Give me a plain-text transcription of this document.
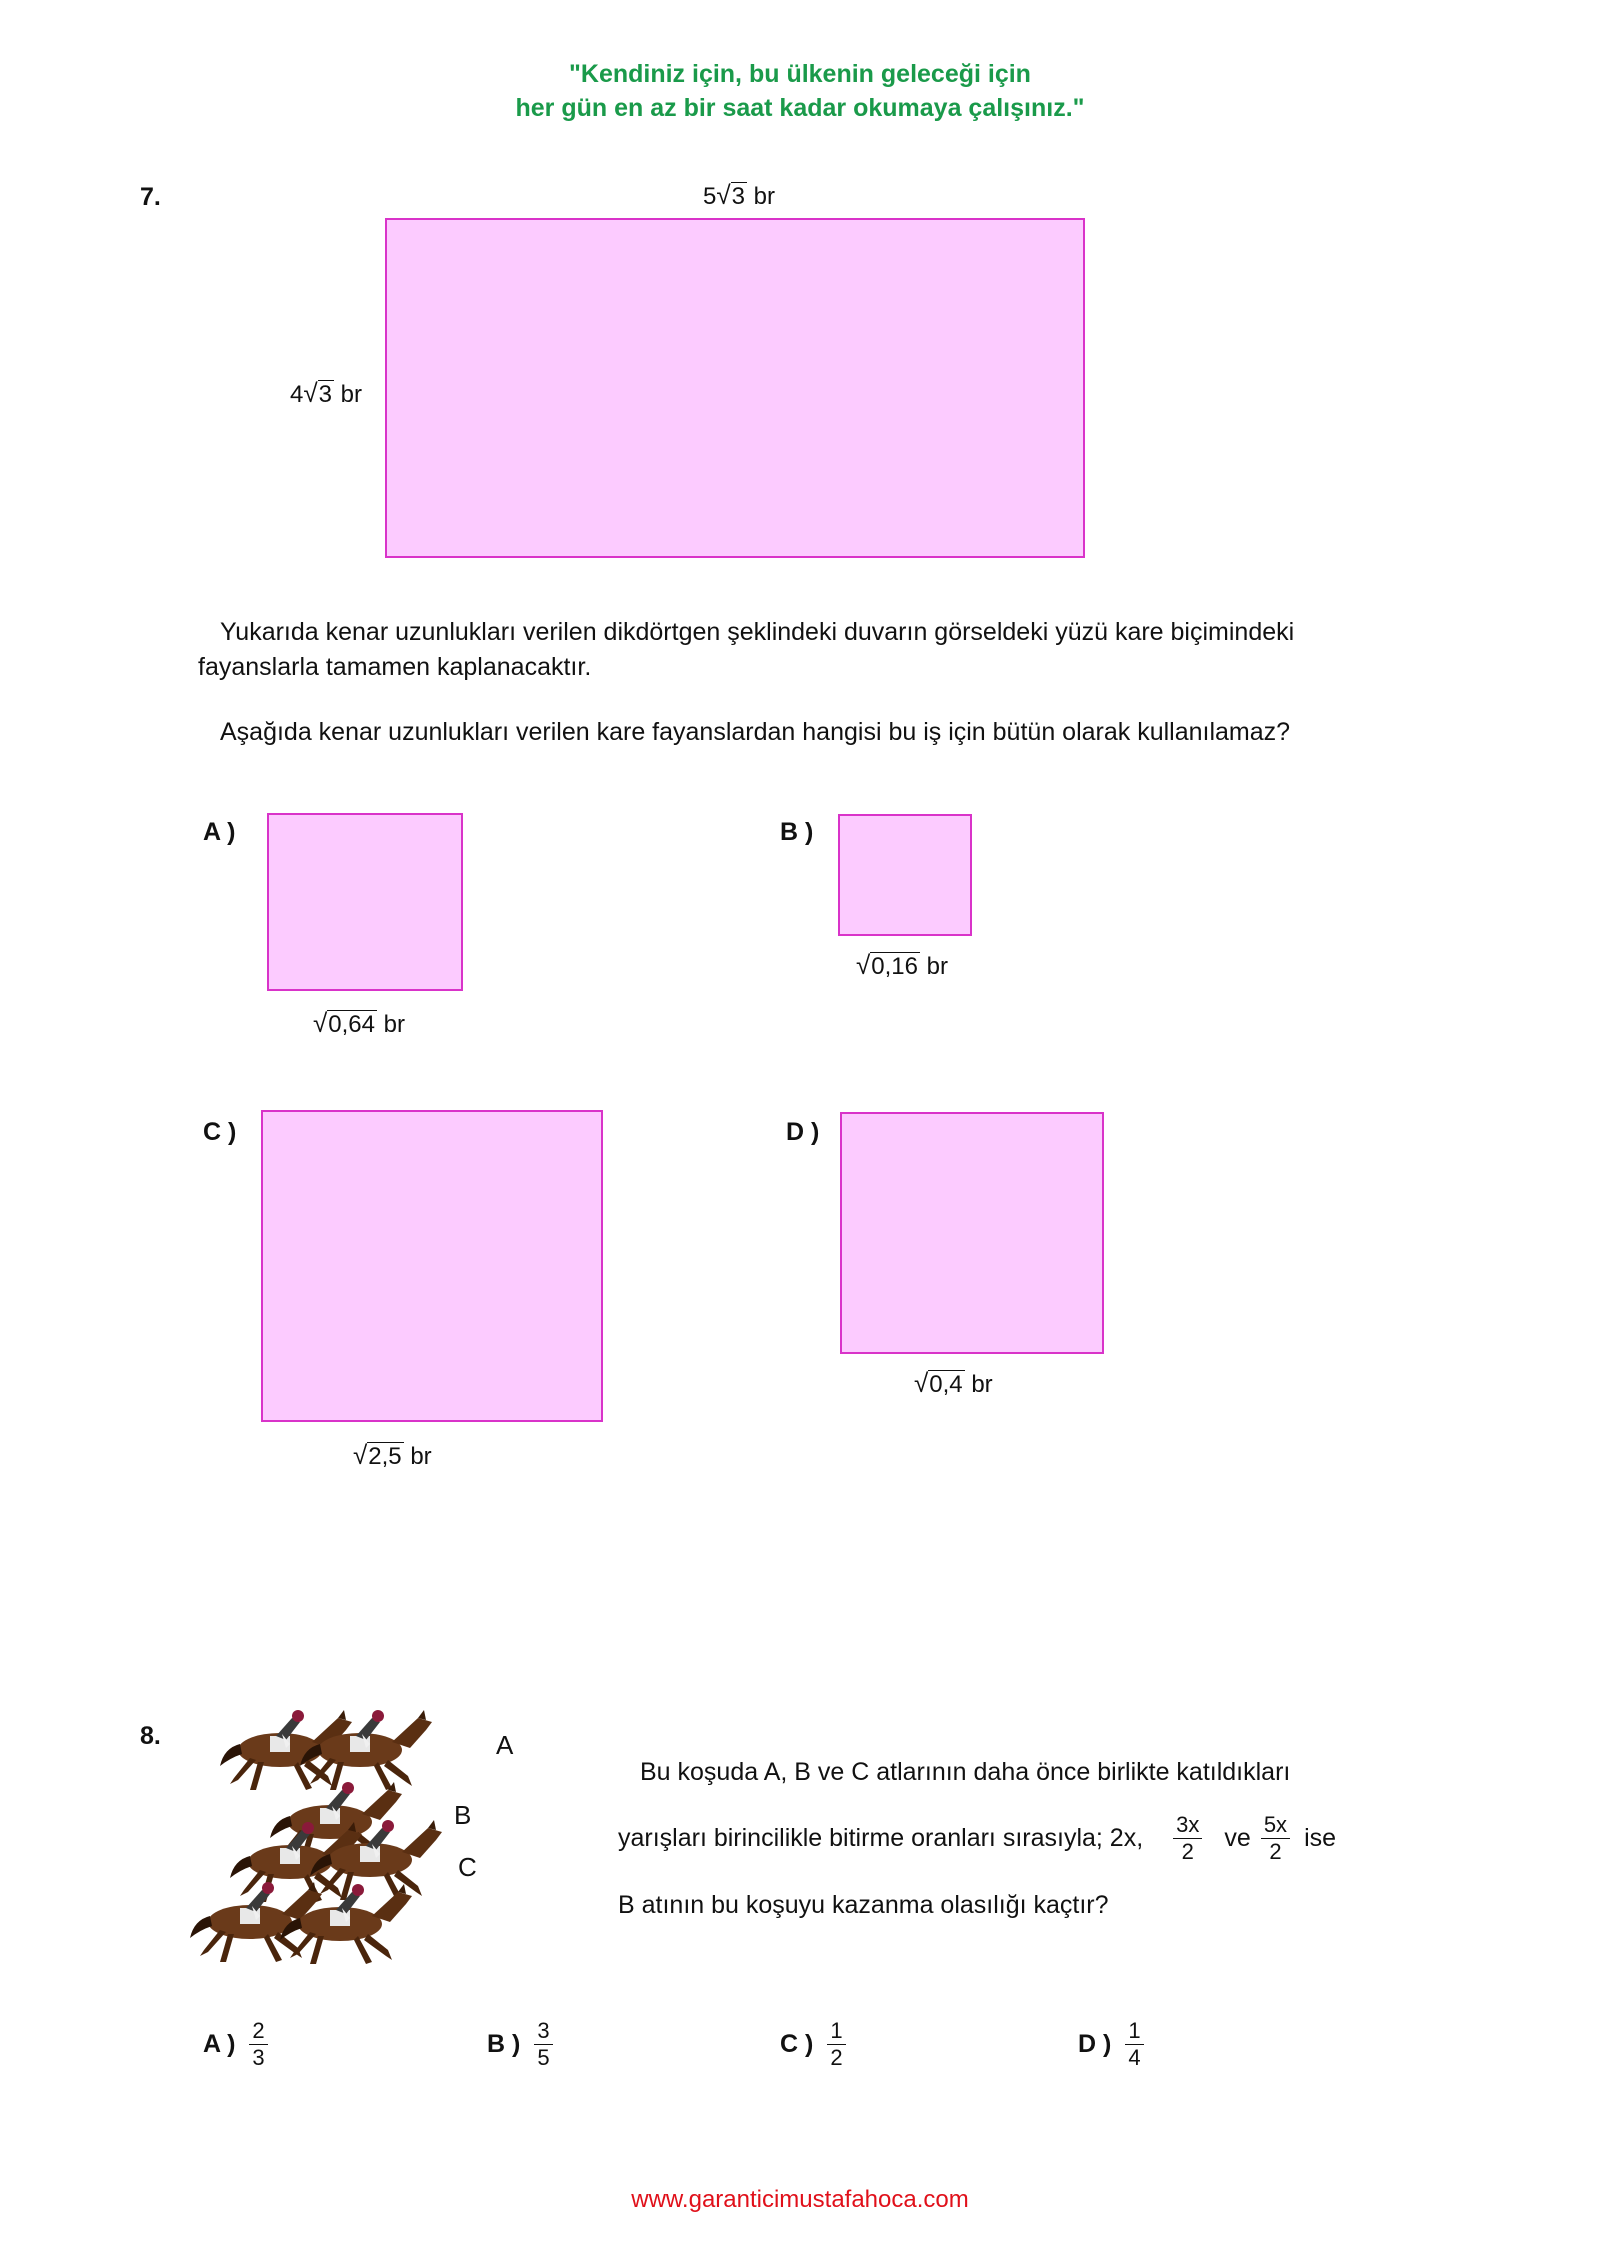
"Kendiniz için, bu ülkenin geleceği için
her gün en az bir saat kadar okumaya çalışınız."
7.	5√3 br
4√3 br
Yukarıda kenar uzunlukları verilen dikdörtgen şeklindeki duvarın görseldeki yüzü kare biçimindeki
fayanslarla tamamen kaplanacaktır.
Aşağıda kenar uzunlukları verilen kare fayanslardan hangisi bu iş için bütün olarak kullanılamaz?
A )
√0,64 br
B )
√0,16 br
C )
√2,5 br
D )
√0,4 br
8.	A
B
C
Bu koşuda A, B ve C atlarının daha önce birlikte katıldıkları
yarışları birincilikle bitirme oranları sırasıyla; 2x, $\frac{3x}{2}$ ve $\frac{5x}{2}$ ise
B atının bu koşuyu kazanma olasılığı kaçtır?
A ) $\frac{2}{3}$	B ) $\frac{3}{5}$	C ) $\frac{1}{2}$	D ) $\frac{1}{4}$
www.garanticimustafahoca.com
